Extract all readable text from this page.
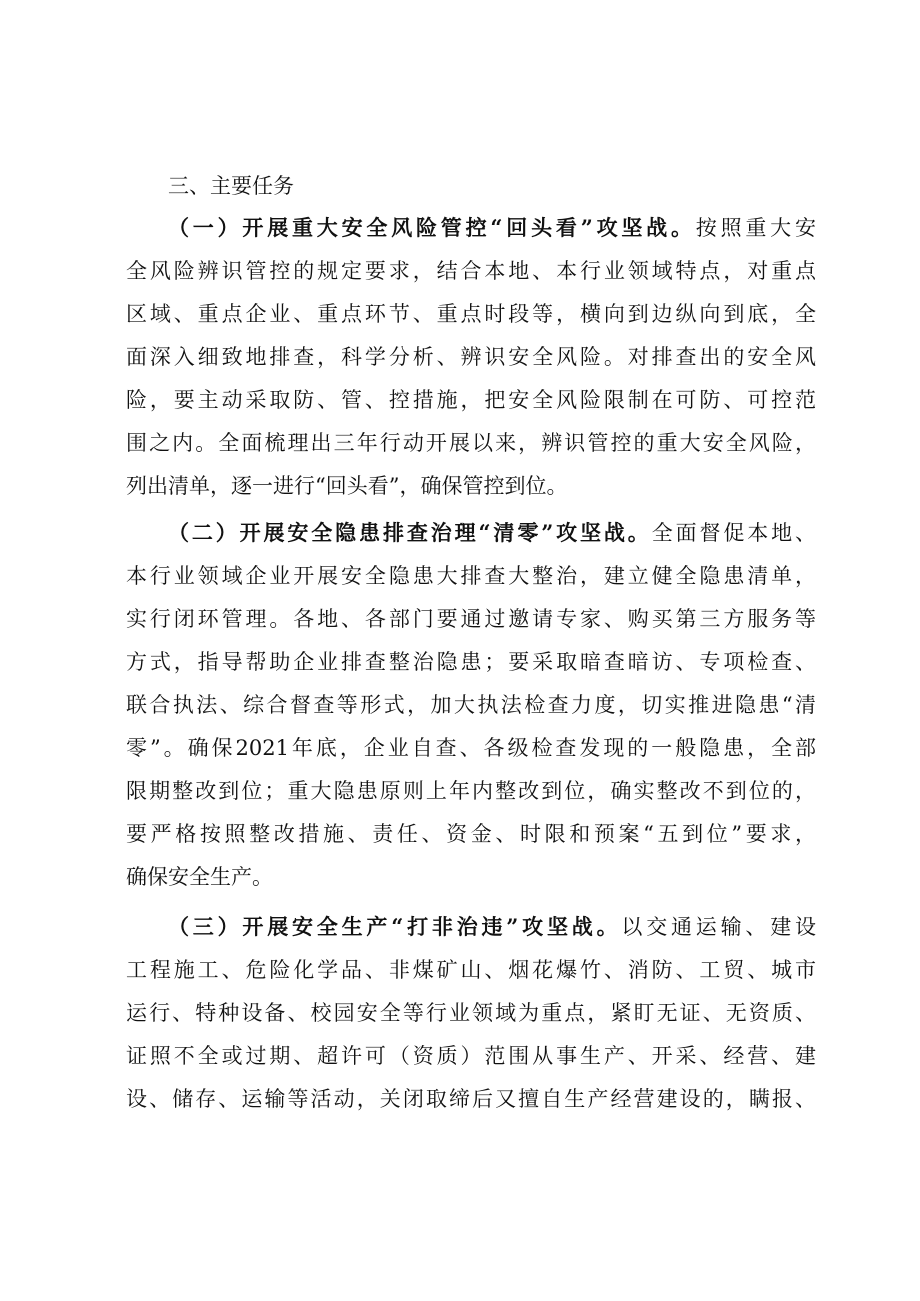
三、主要任务
（一）开展重大安全风险管控“回头看”攻坚战。按照重大安
全风险辨识管控的规定要求，结合本地、本行业领域特点，对重点
区域、重点企业、重点环节、重点时段等，横向到边纵向到底，全
面深入细致地排查，科学分析、辨识安全风险。对排查出的安全风
险，要主动采取防、管、控措施，把安全风险限制在可防、可控范
围之内。全面梳理出三年行动开展以来，辨识管控的重大安全风险，
列出清单，逐一进行“回头看”，确保管控到位。
（二）开展安全隐患排查治理“清零”攻坚战。全面督促本地、
本行业领域企业开展安全隐患大排查大整治，建立健全隐患清单，
实行闭环管理。各地、各部门要通过邀请专家、购买第三方服务等
方式，指导帮助企业排查整治隐患；要采取暗查暗访、专项检查、
联合执法、综合督查等形式，加大执法检查力度，切实推进隐患“清
零”。确保2021年底，企业自查、各级检查发现的一般隐患，全部
限期整改到位；重大隐患原则上年内整改到位，确实整改不到位的，
要严格按照整改措施、责任、资金、时限和预案“五到位”要求，
确保安全生产。
（三）开展安全生产“打非治违”攻坚战。以交通运输、建设
工程施工、危险化学品、非煤矿山、烟花爆竹、消防、工贸、城市
运行、特种设备、校园安全等行业领域为重点，紧盯无证、无资质、
证照不全或过期、超许可（资质）范围从事生产、开采、经营、建
设、储存、运输等活动，关闭取缔后又擅自生产经营建设的，瞒报、
